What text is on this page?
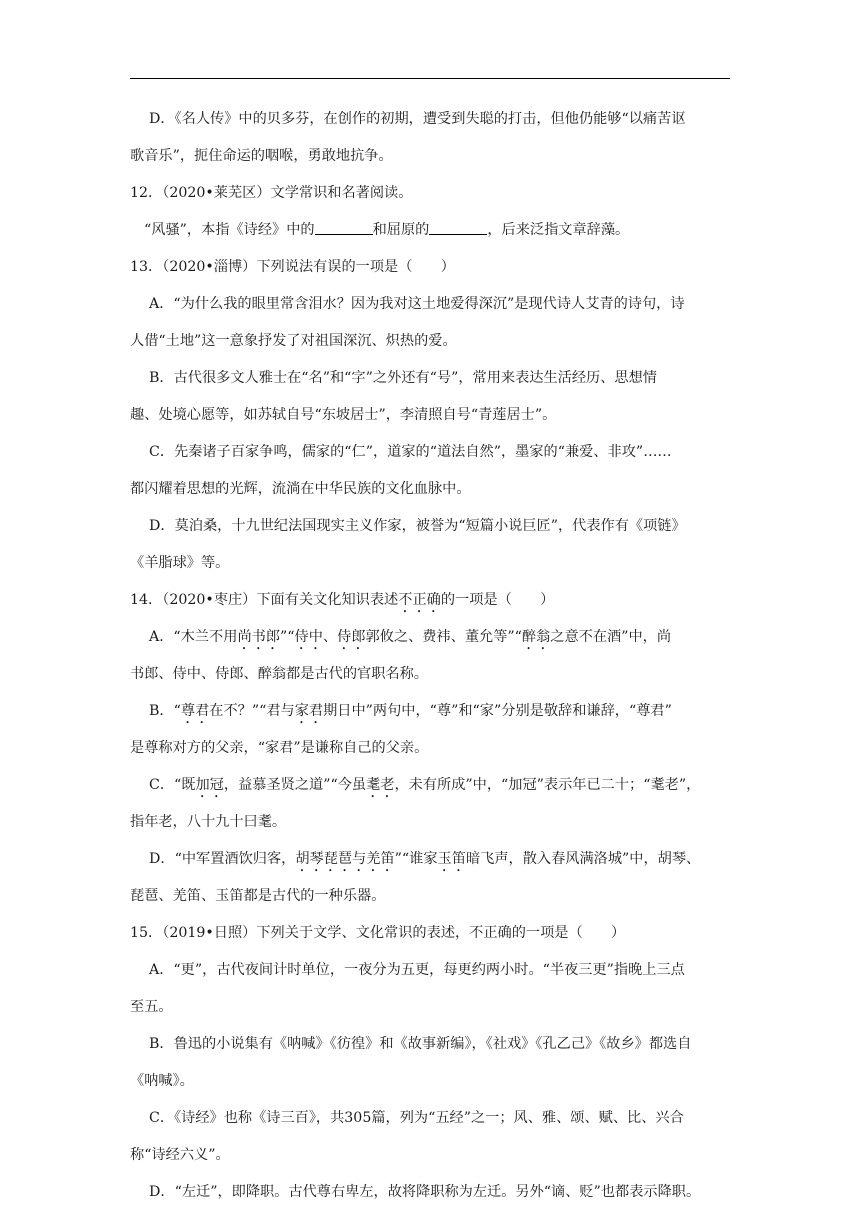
D．《名人传》中的贝多芬，在创作的初期，遭受到失聪的打击，但他仍能够“以痛苦讴
歌音乐”，扼住命运的咽喉，勇敢地抗争。
12．（2020•莱芜区）文学常识和名著阅读。
“风骚”，本指《诗经》中的	和屈原的	，后来泛指文章辞藻。
13．（2020•淄博）下列说法有误的一项是（　　）
A．“为什么我的眼里常含泪水？因为我对这土地爱得深沉”是现代诗人艾青的诗句，诗
人借“土地”这一意象抒发了对祖国深沉、炽热的爱。
B．古代很多文人雅士在“名”和“字”之外还有“号”，常用来表达生活经历、思想情
趣、处境心愿等，如苏轼自号“东坡居士”，李清照自号“青莲居士”。
C．先秦诸子百家争鸣，儒家的“仁”，道家的“道法自然”，墨家的“兼爱、非攻”……
都闪耀着思想的光辉，流淌在中华民族的文化血脉中。
D．莫泊桑，十九世纪法国现实主义作家，被誉为“短篇小说巨匠”，代表作有《项链》
《羊脂球》等。
14．（2020•枣庄）下面有关文化知识表述不正确的一项是（　　）
A．“木兰不用尚书郎”“侍中、侍郎郭攸之、费祎、董允等”“醉翁之意不在酒”中，尚
书郎、侍中、侍郎、醉翁都是古代的官职名称。
B．“尊君在不？”“君与家君期日中”两句中，“尊”和“家”分别是敬辞和谦辞，“尊君”
是尊称对方的父亲，“家君”是谦称自己的父亲。
C．“既加冠，益慕圣贤之道”“今虽耄老，未有所成”中，“加冠”表示年已二十；“耄老”，
指年老，八十九十曰耄。
D．“中军置酒饮归客，胡琴琵琶与羌笛”“谁家玉笛暗飞声，散入春风满洛城”中，胡琴、
琵琶、羌笛、玉笛都是古代的一种乐器。
15．（2019•日照）下列关于文学、文化常识的表述，不正确的一项是（　　）
A．“更”，古代夜间计时单位，一夜分为五更，每更约两小时。“半夜三更”指晚上三点
至五。
B．鲁迅的小说集有《呐喊》《彷徨》和《故事新编》，《社戏》《孔乙己》《故乡》都选自
《呐喊》。
C．《诗经》也称《诗三百》，共305篇，列为“五经”之一；风、雅、颂、赋、比、兴合
称“诗经六义”。
D．“左迁”，即降职。古代尊右卑左，故将降职称为左迁。另外“谪、贬”也都表示降职。
